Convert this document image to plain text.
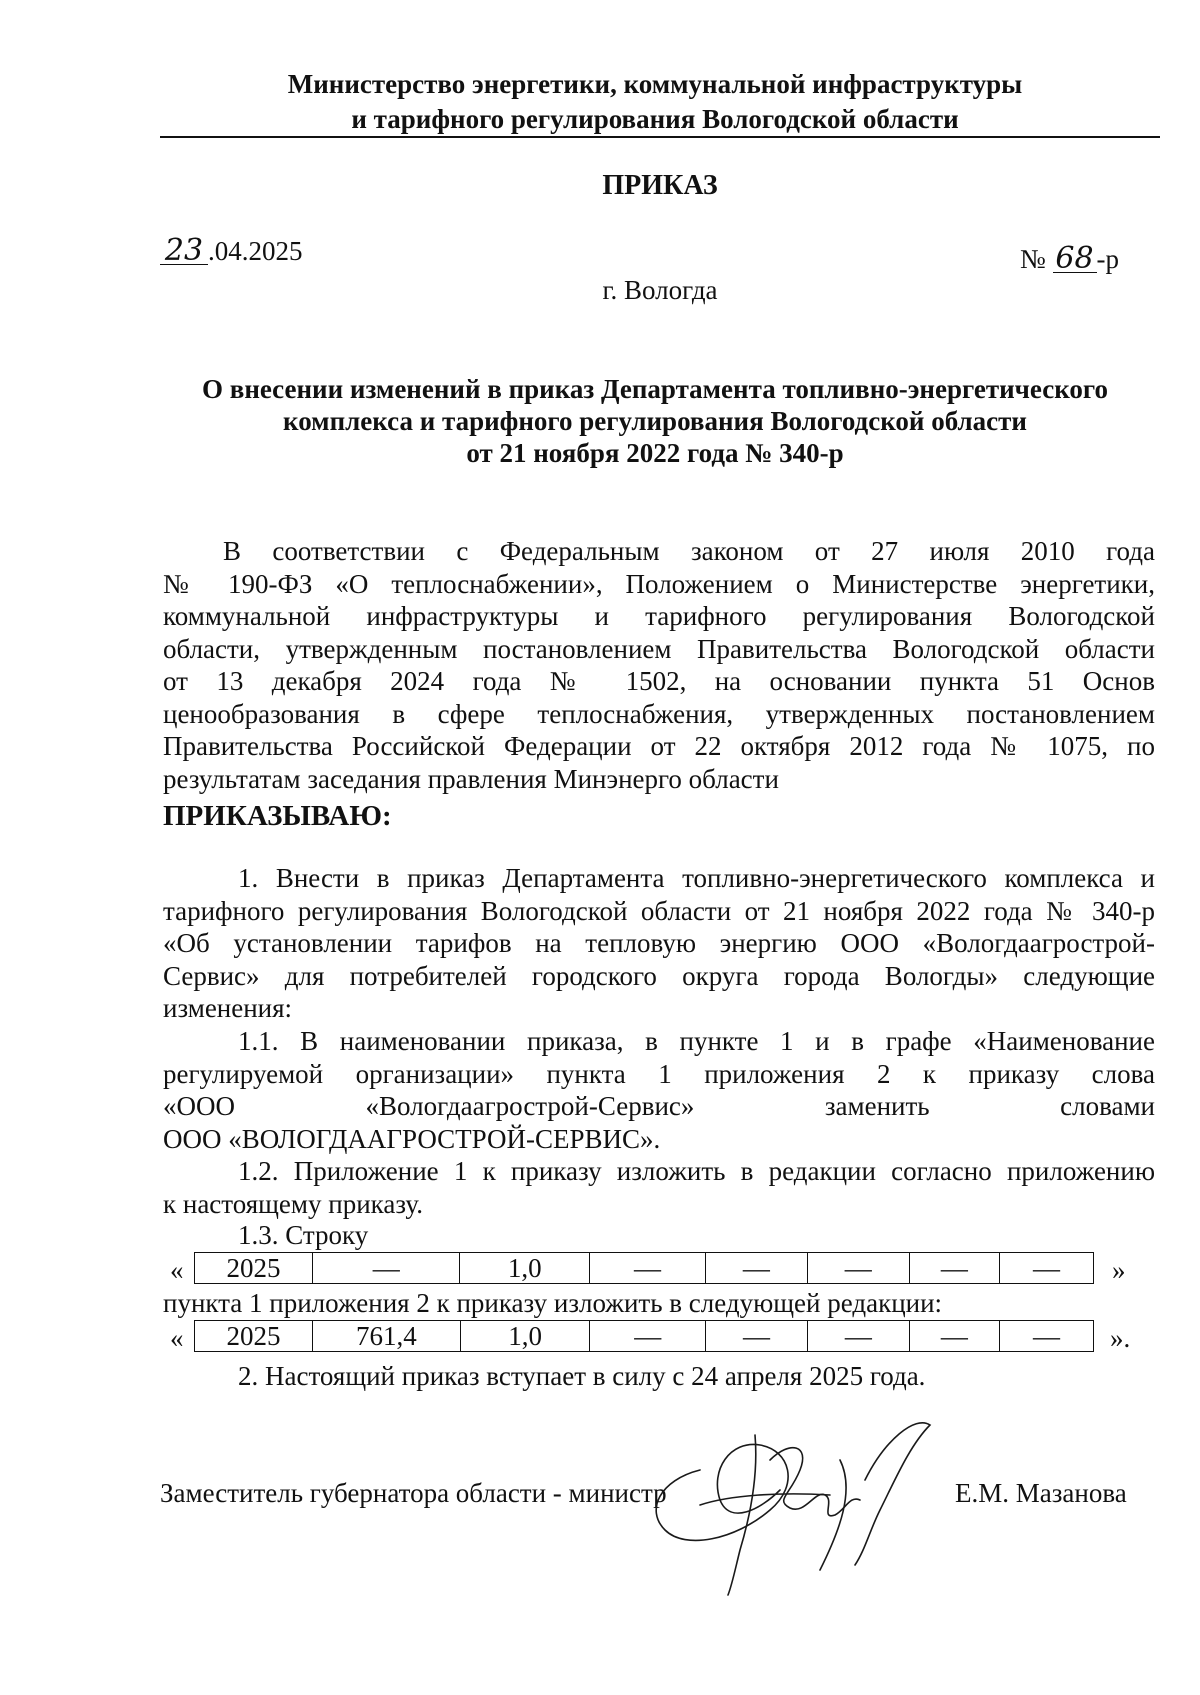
Министерство энергетики, коммунальной инфраструктуры
и тарифного регулирования Вологодской области
ПРИКАЗ
23 .04.2025	№ 68 -р
г. Вологда
О внесении изменений в приказ Департамента топливно-энергетического
комплекса и тарифного регулирования Вологодской области
от 21 ноября 2022 года № 340-р
В соответствии с Федеральным законом от 27 июля 2010 года
№ 190-ФЗ «О теплоснабжении», Положением о Министерстве энергетики,
коммунальной инфраструктуры и тарифного регулирования Вологодской
области, утвержденным постановлением Правительства Вологодской области
от 13 декабря 2024 года № 1502, на основании пункта 51 Основ
ценообразования в сфере теплоснабжения, утвержденных постановлением
Правительства Российской Федерации от 22 октября 2012 года № 1075, по
результатам заседания правления Минэнерго области
ПРИКАЗЫВАЮ:
1. Внести в приказ Департамента топливно-энергетического комплекса и
тарифного регулирования Вологодской области от 21 ноября 2022 года № 340-р
«Об установлении тарифов на тепловую энергию ООО «Вологдаагрострой-
Сервис» для потребителей городского округа города Вологды» следующие
изменения:
1.1. В наименовании приказа, в пункте 1 и в графе «Наименование
регулируемой организации» пункта 1 приложения 2 к приказу слова
«ООО «Вологдаагрострой-Сервис» заменить словами
ООО «ВОЛОГДААГРОСТРОЙ-СЕРВИС».
1.2. Приложение 1 к приказу изложить в редакции согласно приложению
к настоящему приказу.
1.3. Строку
« 2025	—	1,0	—	—	—	—	— »
пункта 1 приложения 2 к приказу изложить в следующей редакции:
« 2025	761,4	1,0	—	—	—	—	— ».
2. Настоящий приказ вступает в силу с 24 апреля 2025 года.
Заместитель губернатора области - министр	Е.М. Мазанова
